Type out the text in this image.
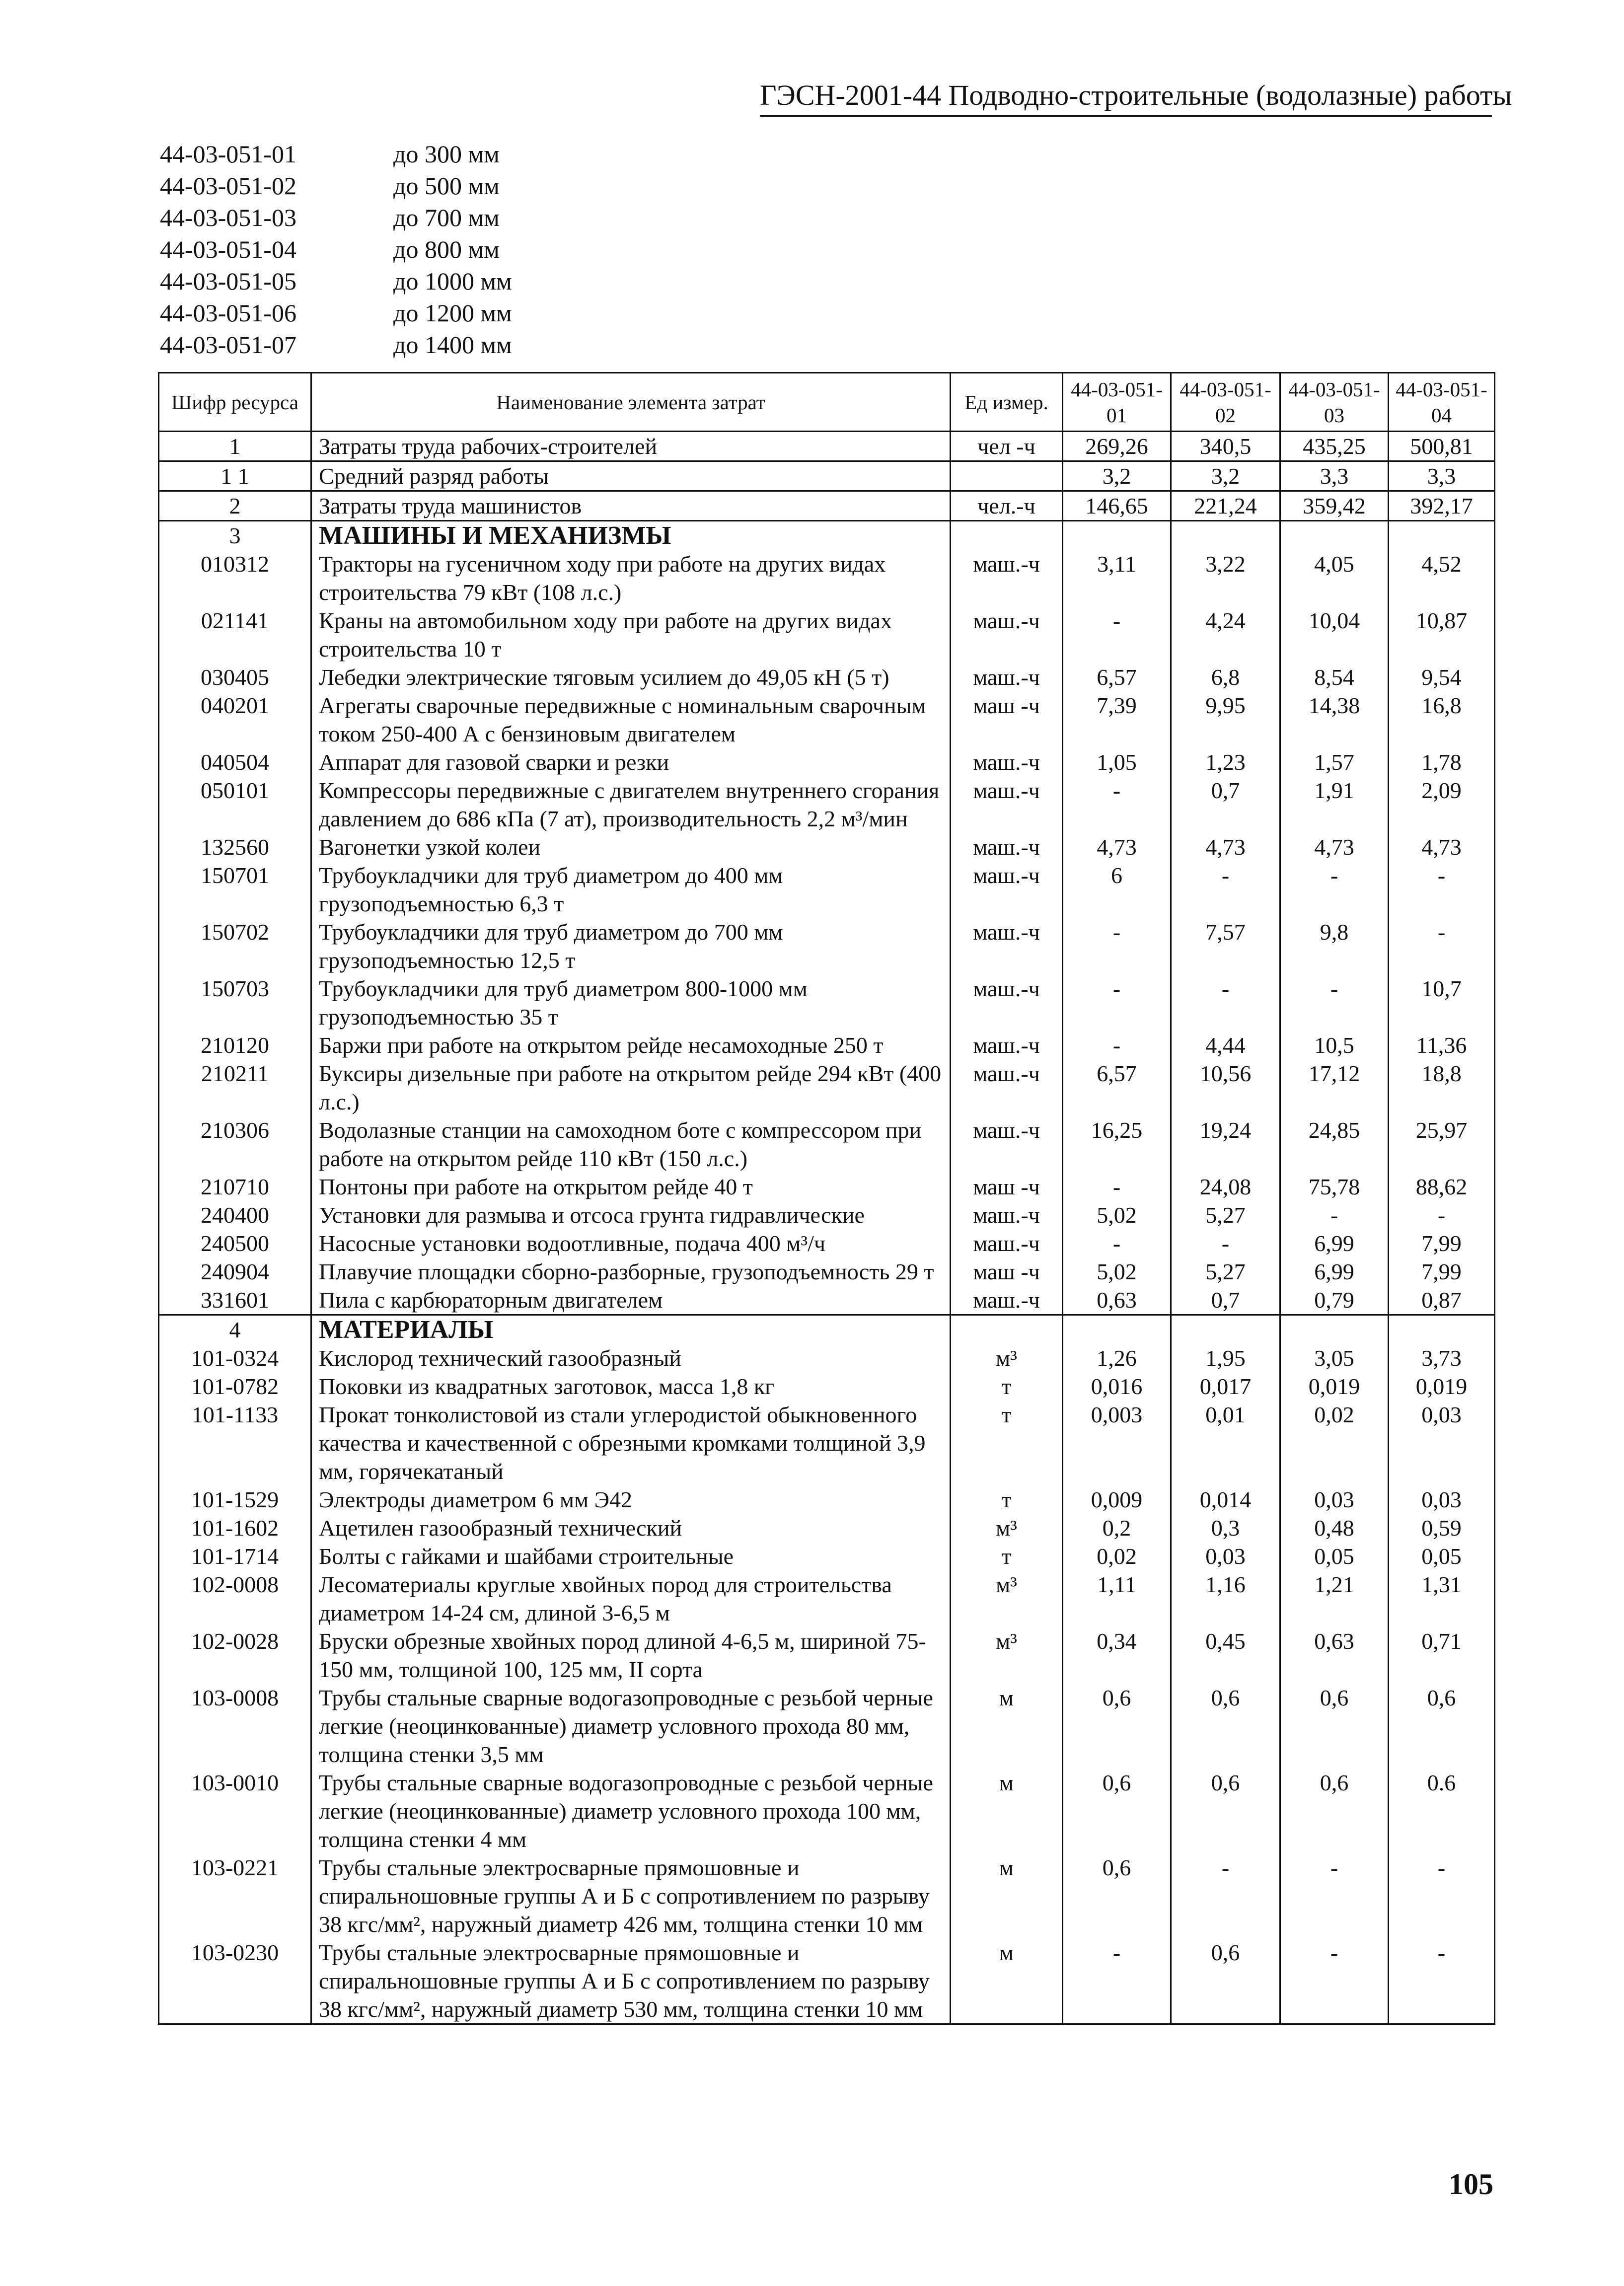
ГЭСН-2001-44 Подводно-строительные (водолазные) работы
44-03-051-01	до 300 мм
44-03-051-02	до 500 мм
44-03-051-03	до 700 мм
44-03-051-04	до 800 мм
44-03-051-05	до 1000 мм
44-03-051-06	до 1200 мм
44-03-051-07	до 1400 мм
Шифр ресурса	Наименование элемента затрат	Ед измер.	44-03-051-01	44-03-051-02	44-03-051-03	44-03-051-04
1	Затраты труда рабочих-строителей	чел -ч	269,26	340,5	435,25	500,81
1 1	Средний разряд работы		3,2	3,2	3,3	3,3
2	Затраты труда машинистов	чел.-ч	146,65	221,24	359,42	392,17
3	МАШИНЫ И МЕХАНИЗМЫ					
010312	Тракторы на гусеничном ходу при работе на других видах строительства 79 кВт (108 л.с.)	маш.-ч	3,11	3,22	4,05	4,52
021141	Краны на автомобильном ходу при работе на других видах строительства 10 т	маш.-ч	-	4,24	10,04	10,87
030405	Лебедки электрические тяговым усилием до 49,05 кН (5 т)	маш.-ч	6,57	6,8	8,54	9,54
040201	Агрегаты сварочные передвижные с номинальным сварочным током 250-400 А с бензиновым двигателем	маш -ч	7,39	9,95	14,38	16,8
040504	Аппарат для газовой сварки и резки	маш.-ч	1,05	1,23	1,57	1,78
050101	Компрессоры передвижные с двигателем внутреннего сгорания давлением до 686 кПа (7 ат), производительность 2,2 м³/мин	маш.-ч	-	0,7	1,91	2,09
132560	Вагонетки узкой колеи	маш.-ч	4,73	4,73	4,73	4,73
150701	Трубоукладчики для труб диаметром до 400 мм грузоподъемностью 6,3 т	маш.-ч	6	-	-	-
150702	Трубоукладчики для труб диаметром до 700 мм грузоподъемностью 12,5 т	маш.-ч	-	7,57	9,8	-
150703	Трубоукладчики для труб диаметром 800-1000 мм грузоподъемностью 35 т	маш.-ч	-	-	-	10,7
210120	Баржи при работе на открытом рейде несамоходные 250 т	маш.-ч	-	4,44	10,5	11,36
210211	Буксиры дизельные при работе на открытом рейде 294 кВт (400 л.с.)	маш.-ч	6,57	10,56	17,12	18,8
210306	Водолазные станции на самоходном боте с компрессором при работе на открытом рейде 110 кВт (150 л.с.)	маш.-ч	16,25	19,24	24,85	25,97
210710	Понтоны при работе на открытом рейде 40 т	маш -ч	-	24,08	75,78	88,62
240400	Установки для размыва и отсоса грунта гидравлические	маш.-ч	5,02	5,27	-	-
240500	Насосные установки водоотливные, подача 400 м³/ч	маш.-ч	-	-	6,99	7,99
240904	Плавучие площадки сборно-разборные, грузоподъемность 29 т	маш -ч	5,02	5,27	6,99	7,99
331601	Пила с карбюраторным двигателем	маш.-ч	0,63	0,7	0,79	0,87
4	МАТЕРИАЛЫ					
101-0324	Кислород технический газообразный	м³	1,26	1,95	3,05	3,73
101-0782	Поковки из квадратных заготовок, масса 1,8 кг	т	0,016	0,017	0,019	0,019
101-1133	Прокат тонколистовой из стали углеродистой обыкновенного качества и качественной с обрезными кромками толщиной 3,9 мм, горячекатаный	т	0,003	0,01	0,02	0,03
101-1529	Электроды диаметром 6 мм Э42	т	0,009	0,014	0,03	0,03
101-1602	Ацетилен газообразный технический	м³	0,2	0,3	0,48	0,59
101-1714	Болты с гайками и шайбами строительные	т	0,02	0,03	0,05	0,05
102-0008	Лесоматериалы круглые хвойных пород для строительства диаметром 14-24 см, длиной 3-6,5 м	м³	1,11	1,16	1,21	1,31
102-0028	Бруски обрезные хвойных пород длиной 4-6,5 м, шириной 75-150 мм, толщиной 100, 125 мм, II сорта	м³	0,34	0,45	0,63	0,71
103-0008	Трубы стальные сварные водогазопроводные с резьбой черные легкие (неоцинкованные) диаметр условного прохода 80 мм, толщина стенки 3,5 мм	м	0,6	0,6	0,6	0,6
103-0010	Трубы стальные сварные водогазопроводные с резьбой черные легкие (неоцинкованные) диаметр условного прохода 100 мм, толщина стенки 4 мм	м	0,6	0,6	0,6	0.6
103-0221	Трубы стальные электросварные прямошовные и спиральношовные группы А и Б с сопротивлением по разрыву 38 кгс/мм², наружный диаметр 426 мм, толщина стенки 10 мм	м	0,6	-	-	-
103-0230	Трубы стальные электросварные прямошовные и спиральношовные группы А и Б с сопротивлением по разрыву 38 кгс/мм², наружный диаметр 530 мм, толщина стенки 10 мм	м	-	0,6	-	-
105
